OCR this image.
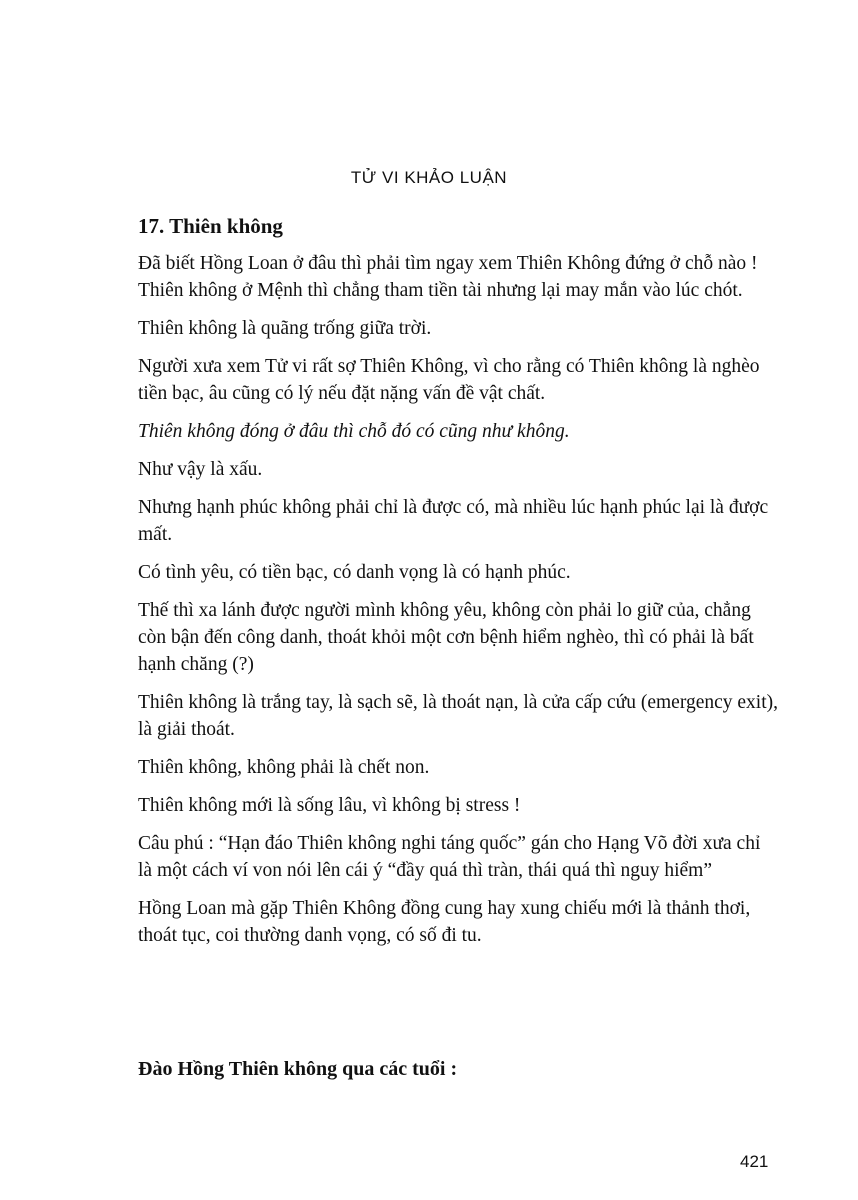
TỬ VI KHẢO LUẬN
17. Thiên không

Đã biết Hồng Loan ở đâu thì phải tìm ngay xem Thiên Không đứng ở chỗ nào ! Thiên không ở Mệnh thì chẳng tham tiền tài nhưng lại may mắn vào lúc chót.

Thiên không là quãng trống giữa trời.

Người xưa xem Tử vi rất sợ Thiên Không, vì cho rằng có Thiên không là nghèo tiền bạc, âu cũng có lý nếu đặt nặng vấn đề vật chất.

Thiên không đóng ở đâu thì chỗ đó có cũng như không.

Như vậy là xấu.

Nhưng hạnh phúc không phải chỉ là được có, mà nhiều lúc hạnh phúc lại là được mất.

Có tình yêu, có tiền bạc, có danh vọng là có hạnh phúc.

Thế thì xa lánh được người mình không yêu, không còn phải lo giữ của, chẳng còn bận đến công danh, thoát khỏi một cơn bệnh hiểm nghèo, thì có phải là bất hạnh chăng (?)

Thiên không là trắng tay, là sạch sẽ, là thoát nạn, là cửa cấp cứu (emergency exit), là giải thoát.

Thiên không, không phải là chết non.

Thiên không mới là sống lâu, vì không bị stress !

Câu phú : “Hạn đáo Thiên không nghi táng quốc” gán cho Hạng Võ đời xưa chỉ là một cách ví von nói lên cái ý “đầy quá thì tràn, thái quá thì nguy hiểm”

Hồng Loan mà gặp Thiên Không đồng cung hay xung chiếu mới là thảnh thơi, thoát tục, coi thường danh vọng, có số đi tu.

Đào Hồng Thiên không qua các tuổi :
421
